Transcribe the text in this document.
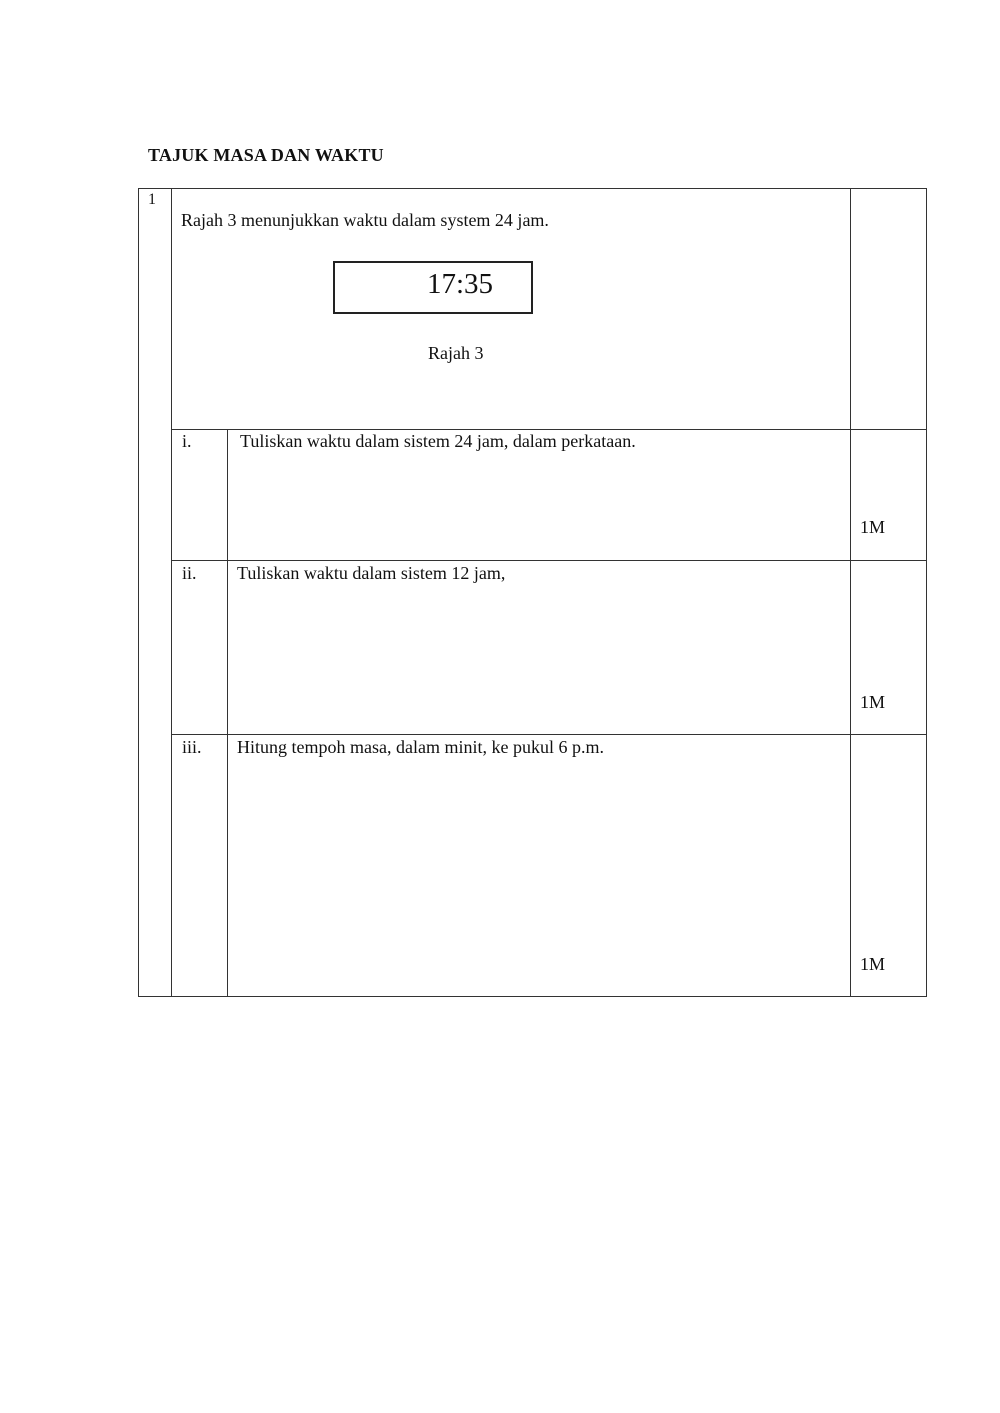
TAJUK MASA DAN WAKTU
1
Rajah 3 menunjukkan waktu dalam system 24 jam.
17:35
Rajah 3
i.	Tuliskan waktu dalam sistem 24 jam, dalam perkataan.
1M
ii. Tuliskan waktu dalam sistem 12 jam,
1M
iii. Hitung tempoh masa, dalam minit, ke pukul 6 p.m.
1M
